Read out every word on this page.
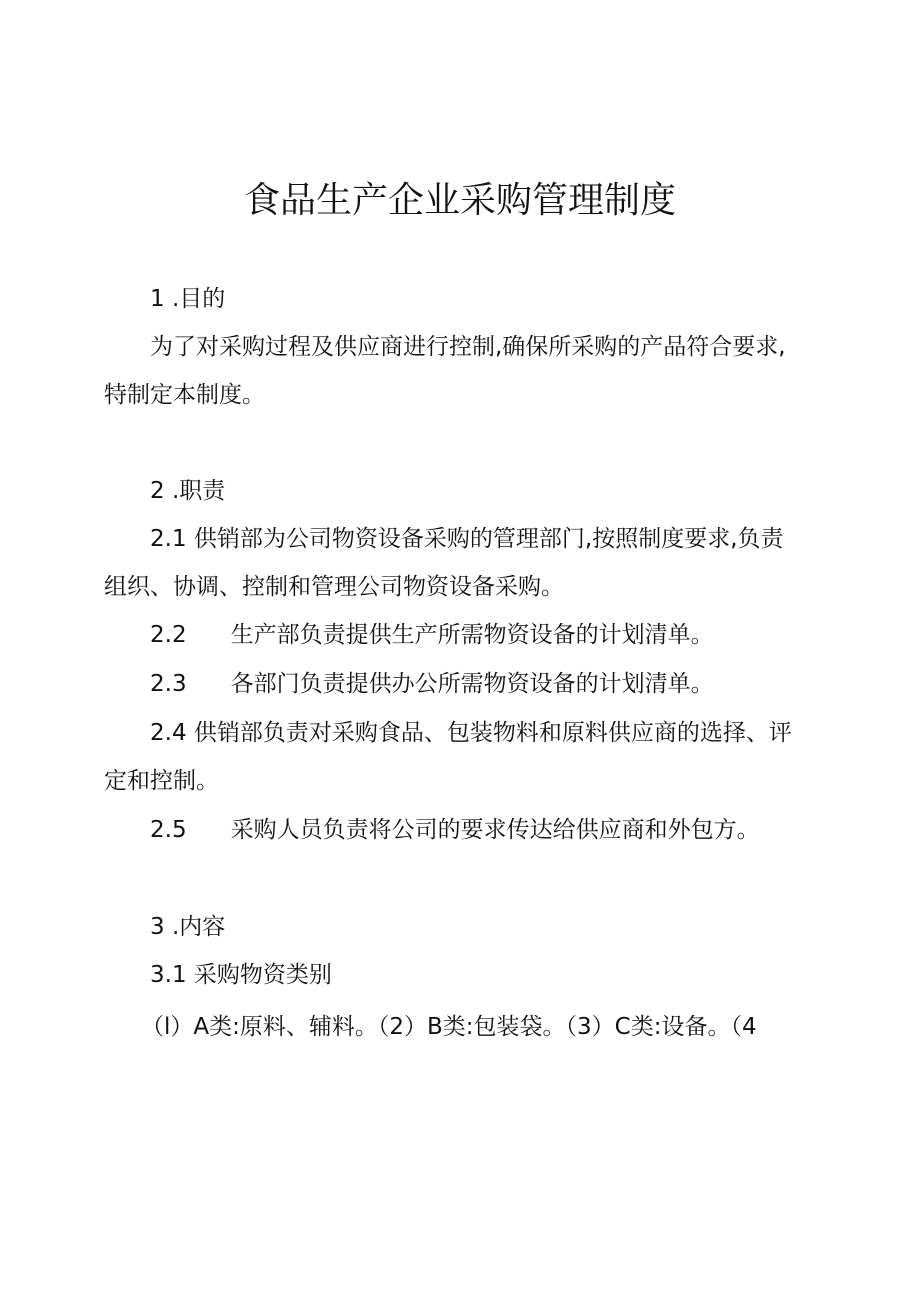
食品生产企业采购管理制度
1 .目的
为了对采购过程及供应商进行控制,确保所采购的产品符合要求,
特制定本制度。
2 .职责
2.1 供销部为公司物资设备采购的管理部门,按照制度要求,负责
组织、协调、控制和管理公司物资设备采购。
2.2 生产部负责提供生产所需物资设备的计划清单。
2.3 各部门负责提供办公所需物资设备的计划清单。
2.4 供销部负责对采购食品、包装物料和原料供应商的选择、评
定和控制。
2.5 采购人员负责将公司的要求传达给供应商和外包方。
3 .内容
3.1 采购物资类别
（l）A类:原料、辅料。（2）B类:包装袋。（3）C类:设备。（4
